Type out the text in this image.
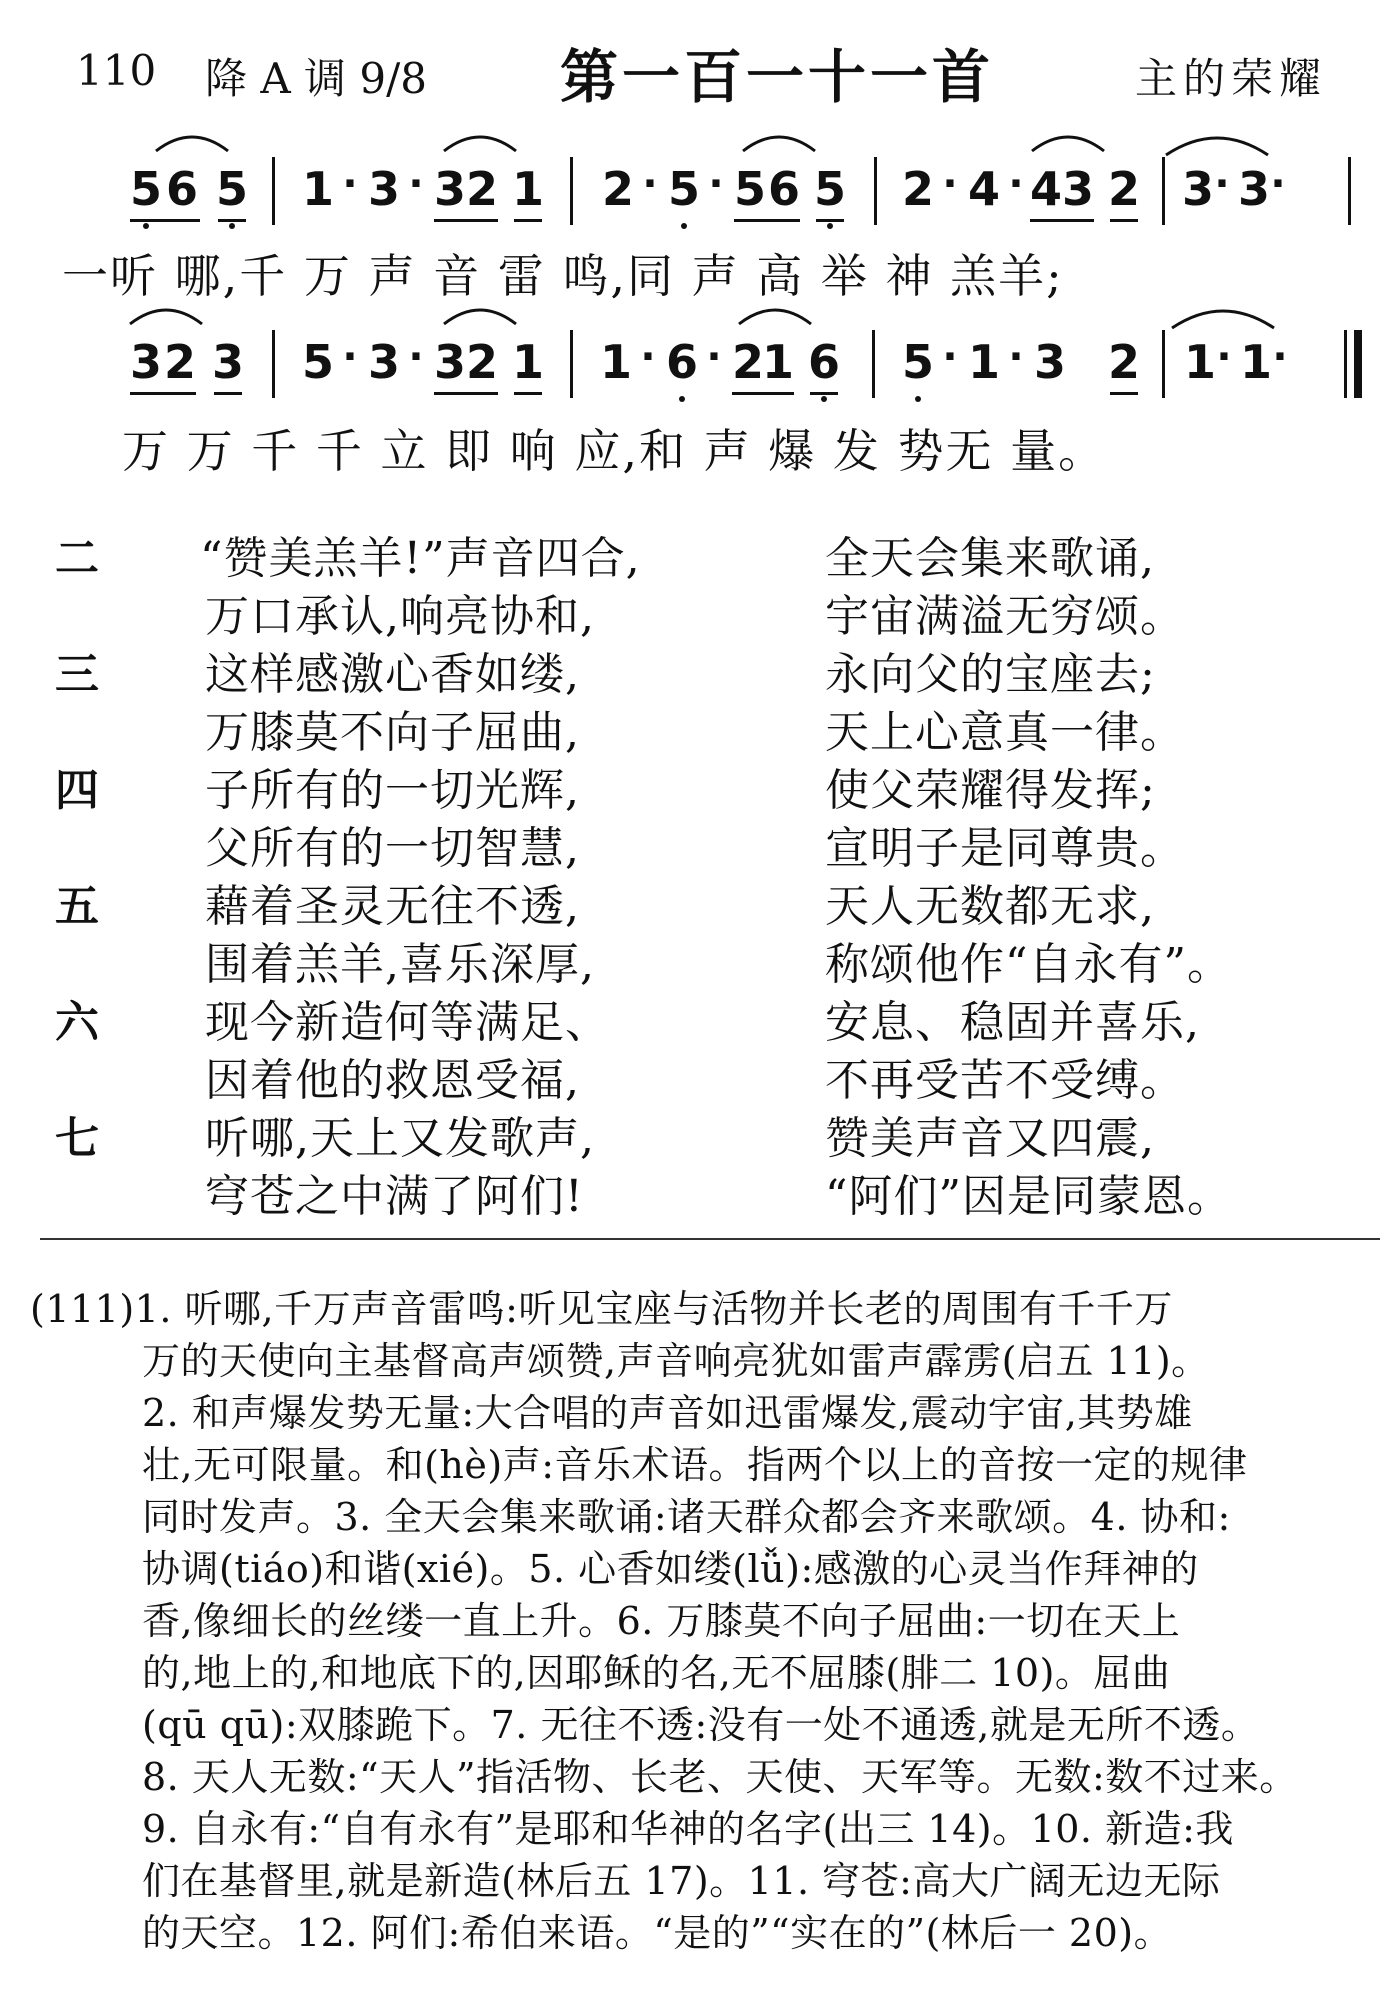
110 降 A 调 9/8 第一百一十一首	主的荣耀
5 6 5 1 · 3 · 3 2 1 2 · 5 · 5 6 5 2 · 4 · 4 3 2 3 · 3 ·
一听 哪,千 万 声 音 雷 鸣,同 声 高 举 神 羔羊;
3 2 3 5 · 3 · 3 2 1 1 · 6 · 2
1 6 5 · 1 · 3 2 1 · 1 ·
万 万 千 千 立 即 响 应,和 声 爆 发 势无 量。
二 “赞美羔羊!”声音四合,
万口承认,响亮协和,
全天会集来歌诵,
宇宙满溢无穷颂。
三 这样感激心香如缕,
万膝莫不向子屈曲,
永向父的宝座去;
天上心意真一律。
四 子所有的一切光辉,
父所有的一切智慧,
使父荣耀得发挥;
宣明子是同尊贵。
五 藉着圣灵无往不透,
围着羔羊,喜乐深厚,
天人无数都无求,
称颂他作“自永有”。
六 现今新造何等满足、
因着他的救恩受福,
安息、稳固并喜乐,
不再受苦不受缚。
七 听哪,天上又发歌声,
穹苍之中满了阿们!
赞美声音又四震,
“阿们”因是同蒙恩。
(111)1. 听哪,千万声音雷鸣:听见宝座与活物并长老的周围有千千万
万的天使向主基督高声颂赞,声音响亮犹如雷声霹雳(启五 11)。
2. 和声爆发势无量:大合唱的声音如迅雷爆发,震动宇宙,其势雄
壮,无可限量。和(hè)声:音乐术语。指两个以上的音按一定的规律
同时发声。3. 全天会集来歌诵:诸天群众都会齐来歌颂。4. 协和:
协调(tiáo)和谐(xié)。5. 心香如缕(lǚ):感激的心灵当作拜神的
香,像细长的丝缕一直上升。6. 万膝莫不向子屈曲:一切在天上
的,地上的,和地底下的,因耶稣的名,无不屈膝(腓二 10)。屈曲
(qū qū):双膝跪下。7. 无往不透:没有一处不通透,就是无所不透。
8. 天人无数:“天人”指活物、长老、天使、天军等。无数:数不过来。
9. 自永有:“自有永有”是耶和华神的名字(出三 14)。10. 新造:我
们在基督里,就是新造(林后五 17)。11. 穹苍:高大广阔无边无际
的天空。12. 阿们:希伯来语。“是的”“实在的”(林后一 20)。
